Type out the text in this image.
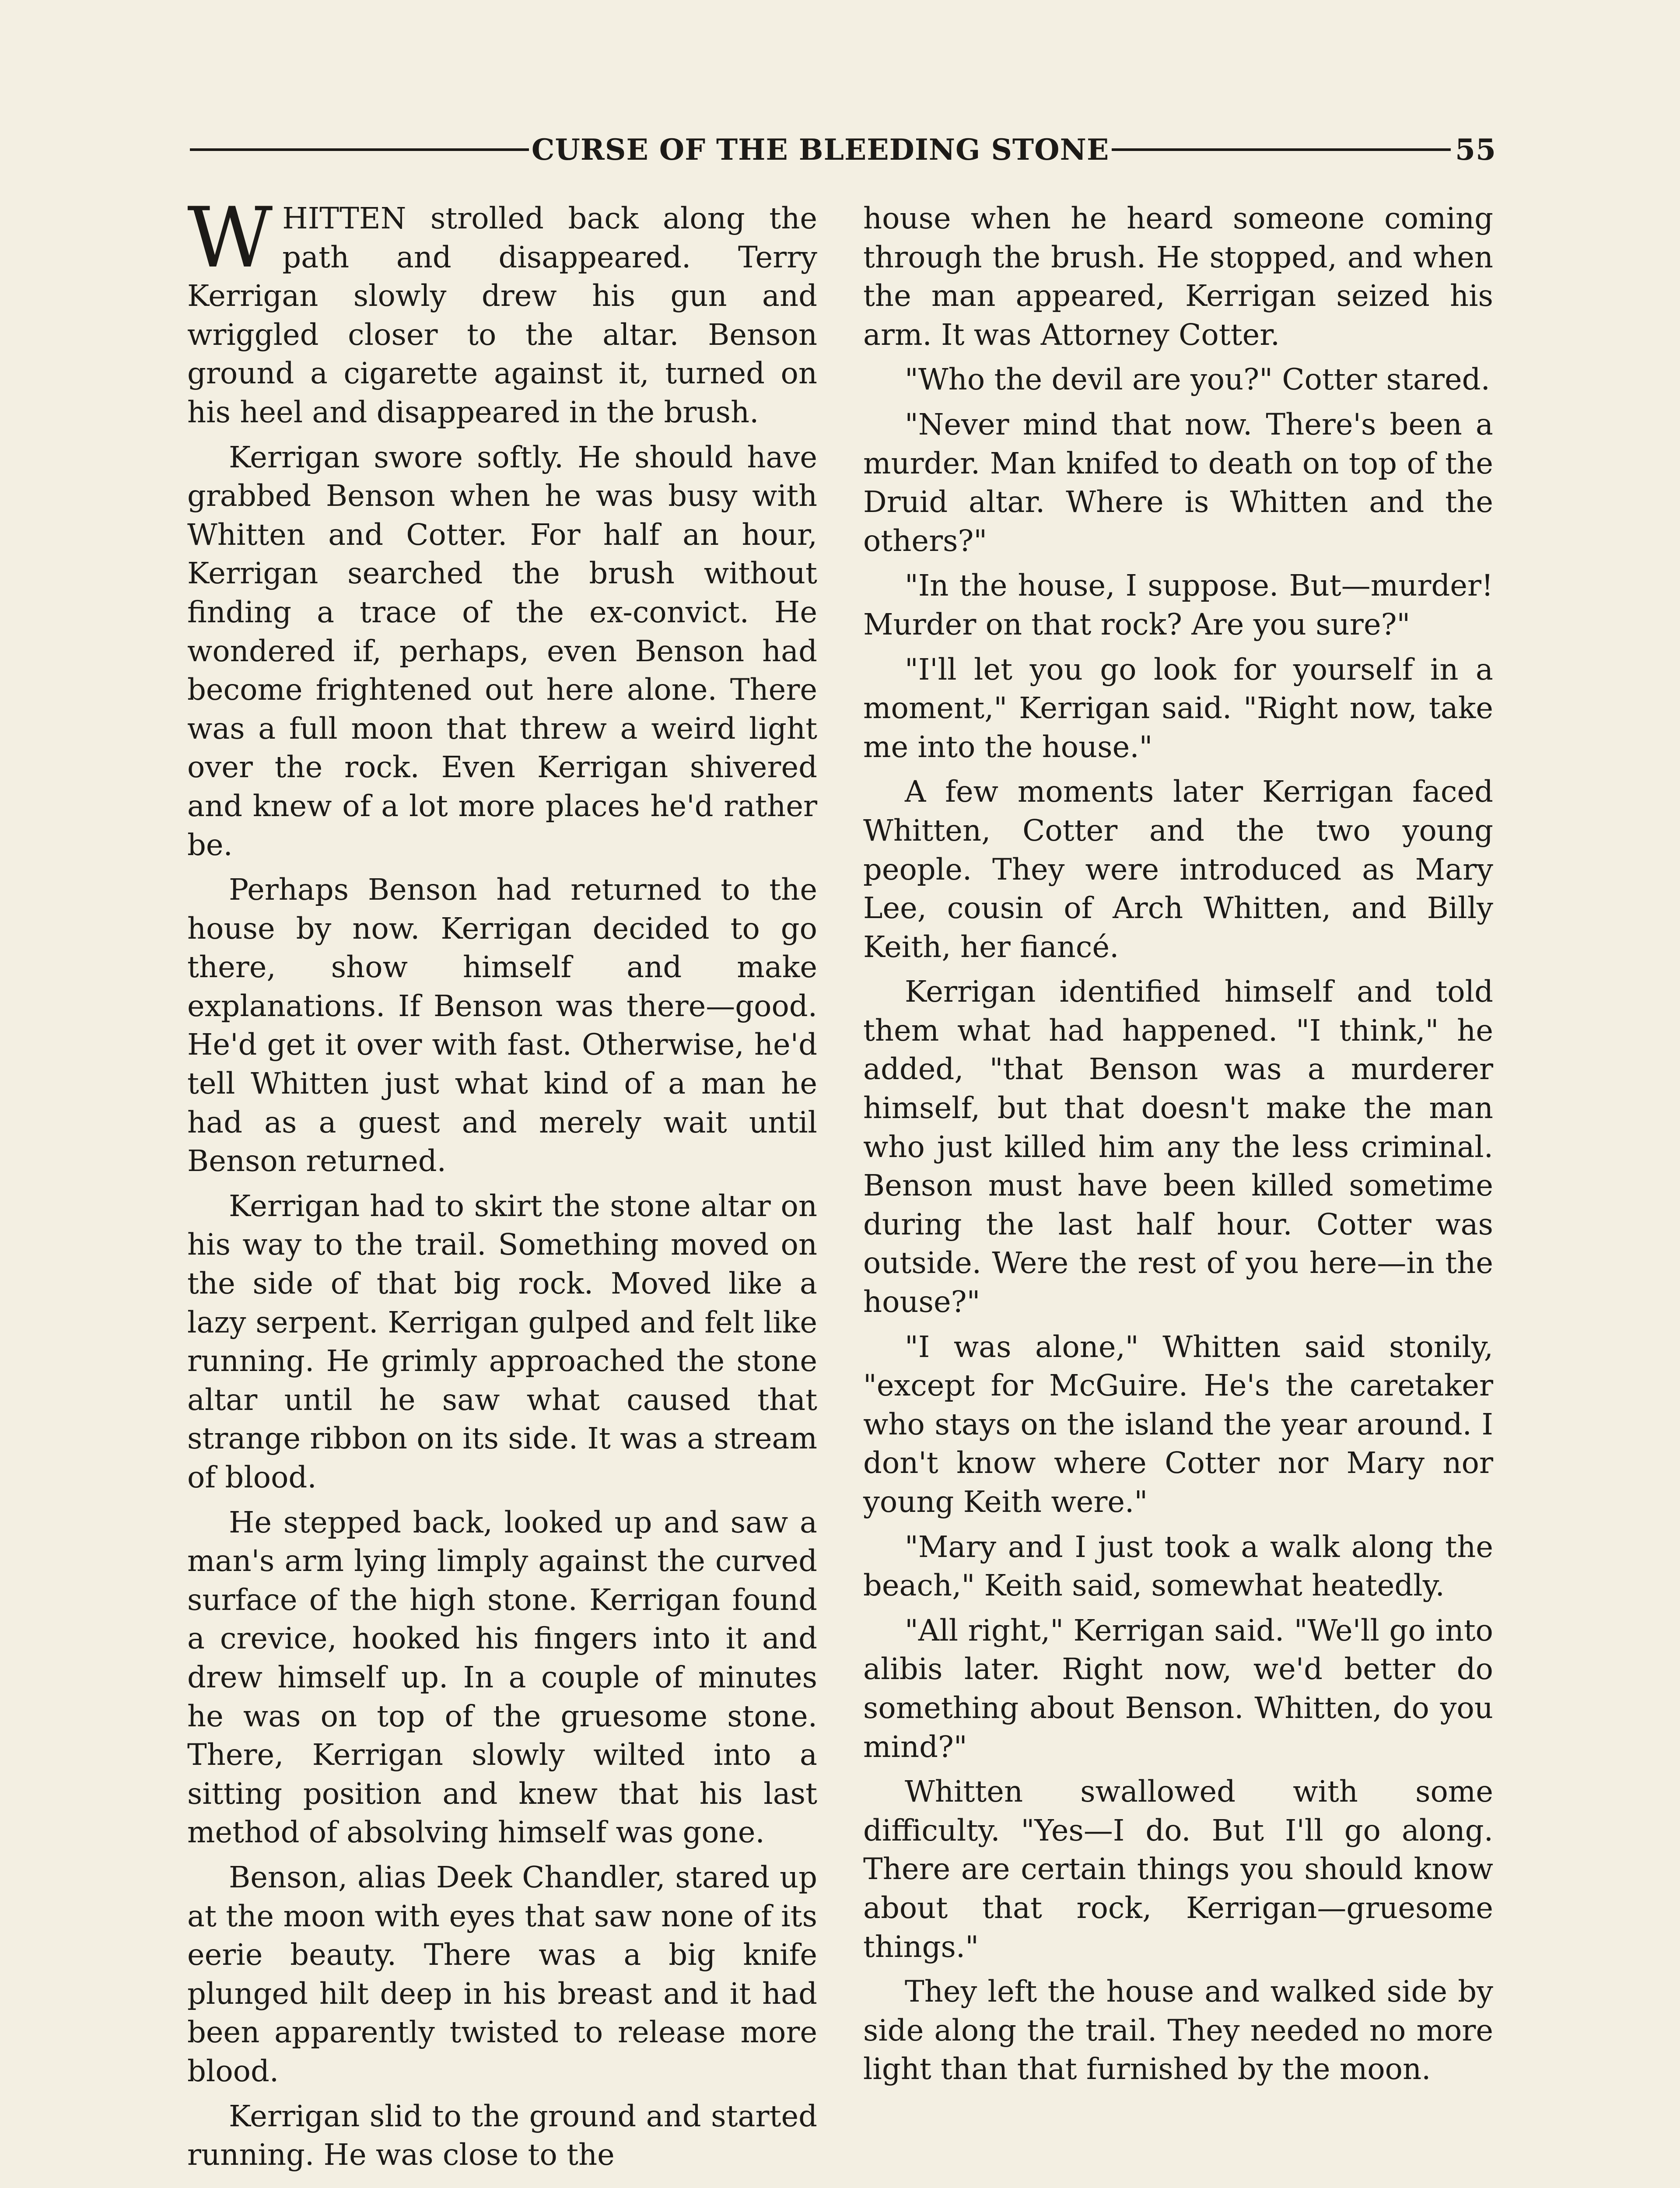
CURSE OF THE BLEEDING STONE	55

WHITTEN strolled back along the path and disappeared. Terry Kerrigan slowly drew his gun and wriggled closer to the altar. Benson ground a cigarette against it, turned on his heel and disappeared in the brush.

Kerrigan swore softly. He should have grabbed Benson when he was busy with Whitten and Cotter. For half an hour, Kerrigan searched the brush without finding a trace of the ex-convict. He wondered if, perhaps, even Benson had become frightened out here alone. There was a full moon that threw a weird light over the rock. Even Kerrigan shivered and knew of a lot more places he'd rather be.

Perhaps Benson had returned to the house by now. Kerrigan decided to go there, show himself and make explanations. If Benson was there—good. He'd get it over with fast. Otherwise, he'd tell Whitten just what kind of a man he had as a guest and merely wait until Benson returned.

Kerrigan had to skirt the stone altar on his way to the trail. Something moved on the side of that big rock. Moved like a lazy serpent. Kerrigan gulped and felt like running. He grimly approached the stone altar until he saw what caused that strange ribbon on its side. It was a stream of blood.

He stepped back, looked up and saw a man's arm lying limply against the curved surface of the high stone. Kerrigan found a crevice, hooked his fingers into it and drew himself up. In a couple of minutes he was on top of the gruesome stone. There, Kerrigan slowly wilted into a sitting position and knew that his last method of absolving himself was gone.

Benson, alias Deek Chandler, stared up at the moon with eyes that saw none of its eerie beauty. There was a big knife plunged hilt deep in his breast and it had been apparently twisted to release more blood.

Kerrigan slid to the ground and started running. He was close to the

house when he heard someone coming through the brush. He stopped, and when the man appeared, Kerrigan seized his arm. It was Attorney Cotter.

"Who the devil are you?" Cotter stared.

"Never mind that now. There's been a murder. Man knifed to death on top of the Druid altar. Where is Whitten and the others?"

"In the house, I suppose. But—murder! Murder on that rock? Are you sure?"

"I'll let you go look for yourself in a moment," Kerrigan said. "Right now, take me into the house."

A few moments later Kerrigan faced Whitten, Cotter and the two young people. They were introduced as Mary Lee, cousin of Arch Whitten, and Billy Keith, her fiancé.

Kerrigan identified himself and told them what had happened. "I think," he added, "that Benson was a murderer himself, but that doesn't make the man who just killed him any the less criminal. Benson must have been killed sometime during the last half hour. Cotter was outside. Were the rest of you here—in the house?"

"I was alone," Whitten said stonily, "except for McGuire. He's the caretaker who stays on the island the year around. I don't know where Cotter nor Mary nor young Keith were."

"Mary and I just took a walk along the beach," Keith said, somewhat heatedly.

"All right," Kerrigan said. "We'll go into alibis later. Right now, we'd better do something about Benson. Whitten, do you mind?"

Whitten swallowed with some difficulty. "Yes—I do. But I'll go along. There are certain things you should know about that rock, Kerrigan—gruesome things."

They left the house and walked side by side along the trail. They needed no more light than that furnished by the moon.
